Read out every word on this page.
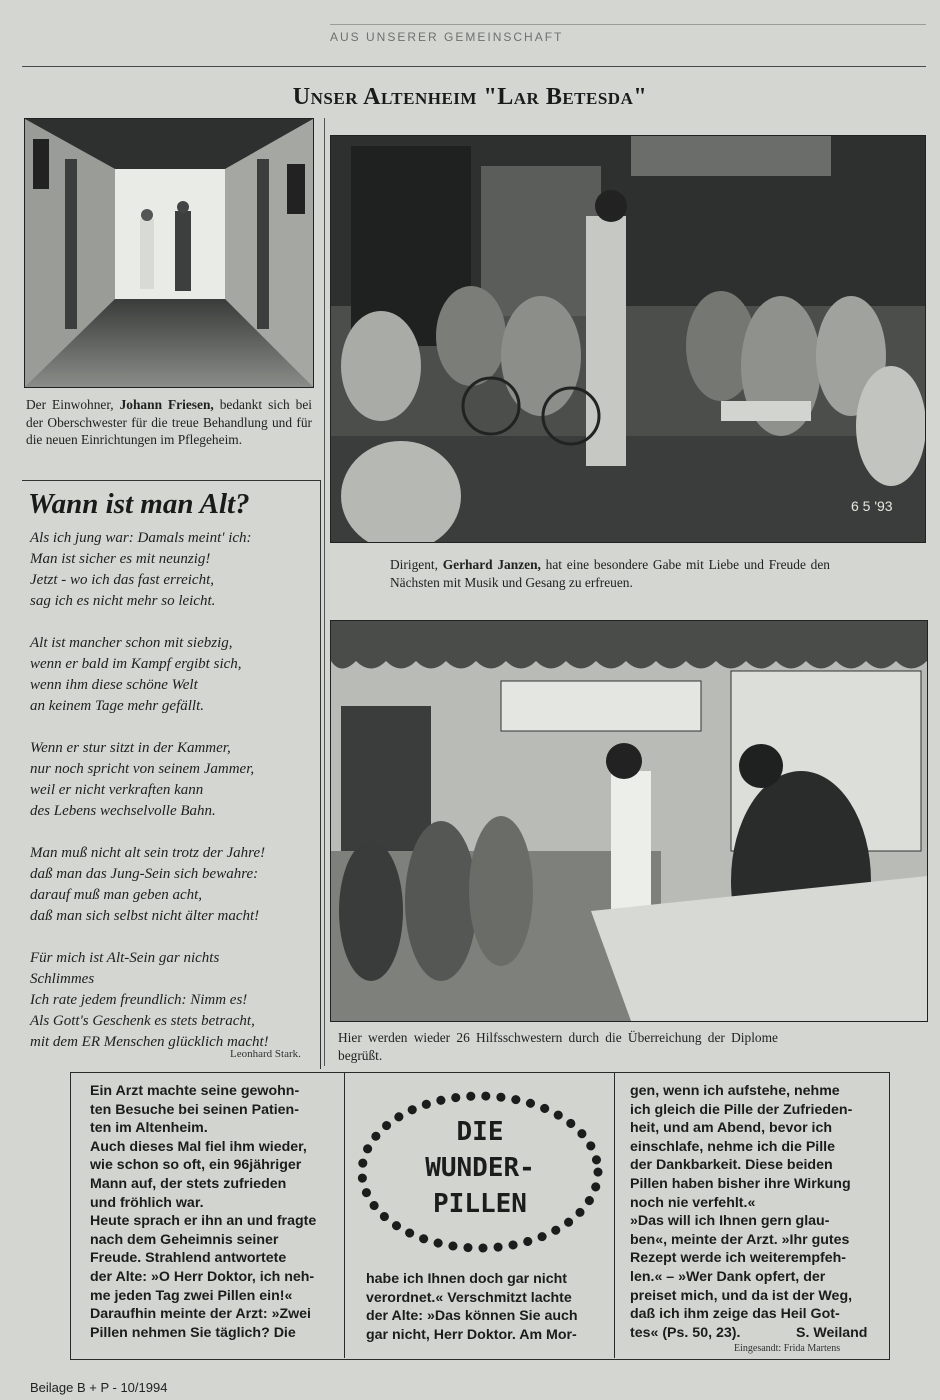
AUS UNSERER GEMEINSCHAFT
Unser Altenheim "Lar Betesda"
Der Einwohner, Johann Friesen, bedankt sich bei der Oberschwester für die treue Behandlung und für die neuen Einrichtungen im Pflegeheim.
6 5 '93
Dirigent, Gerhard Janzen, hat eine besondere Gabe mit Liebe und Freude den Nächsten mit Musik und Gesang zu erfreuen.
Hier werden wieder 26 Hilfsschwestern durch die Überreichung der Diplome begrüßt.
Wann ist man Alt?
Als ich jung war: Damals meint' ich:
Man ist sicher es mit neunzig!
Jetzt - wo ich das fast erreicht,
sag ich es nicht mehr so leicht.
Alt ist mancher schon mit siebzig,
wenn er bald im Kampf ergibt sich,
wenn ihm diese schöne Welt
an keinem Tage mehr gefällt.
Wenn er stur sitzt in der Kammer,
nur noch spricht von seinem Jammer,
weil er nicht verkraften kann
des Lebens wechselvolle Bahn.
Man muß nicht alt sein trotz der Jahre!
daß man das Jung-Sein sich bewahre:
darauf muß man geben acht,
daß man sich selbst nicht älter macht!
Für mich ist Alt-Sein gar nichts
Schlimmes
Ich rate jedem freundlich: Nimm es!
Als Gott's Geschenk es stets betracht,
mit dem ER Menschen glücklich macht!
Leonhard Stark.
Ein Arzt machte seine gewohn-
ten Besuche bei seinen Patien-
ten im Altenheim.
Auch dieses Mal fiel ihm wieder,
wie schon so oft, ein 96jähriger
Mann auf, der stets zufrieden
und fröhlich war.
Heute sprach er ihn an und fragte
nach dem Geheimnis seiner
Freude. Strahlend antwortete
der Alte: »O Herr Doktor, ich neh-
me jeden Tag zwei Pillen ein!«
Daraufhin meinte der Arzt: »Zwei
Pillen nehmen Sie täglich? Die
DIE
WUNDER-
PILLEN
habe ich Ihnen doch gar nicht
verordnet.« Verschmitzt lachte
der Alte: »Das können Sie auch
gar nicht, Herr Doktor. Am Mor-
gen, wenn ich aufstehe, nehme
ich gleich die Pille der Zufrieden-
heit, und am Abend, bevor ich
einschlafe, nehme ich die Pille
der Dankbarkeit. Diese beiden
Pillen haben bisher ihre Wirkung
noch nie verfehlt.«
»Das will ich Ihnen gern glau-
ben«, meinte der Arzt. »Ihr gutes
Rezept werde ich weiterempfeh-
len.« – »Wer Dank opfert, der
preiset mich, und da ist der Weg,
daß ich ihm zeige das Heil Got-
tes« (Ps. 50, 23).	S. Weiland
Eingesandt: Frida Martens
Beilage B + P - 10/1994
